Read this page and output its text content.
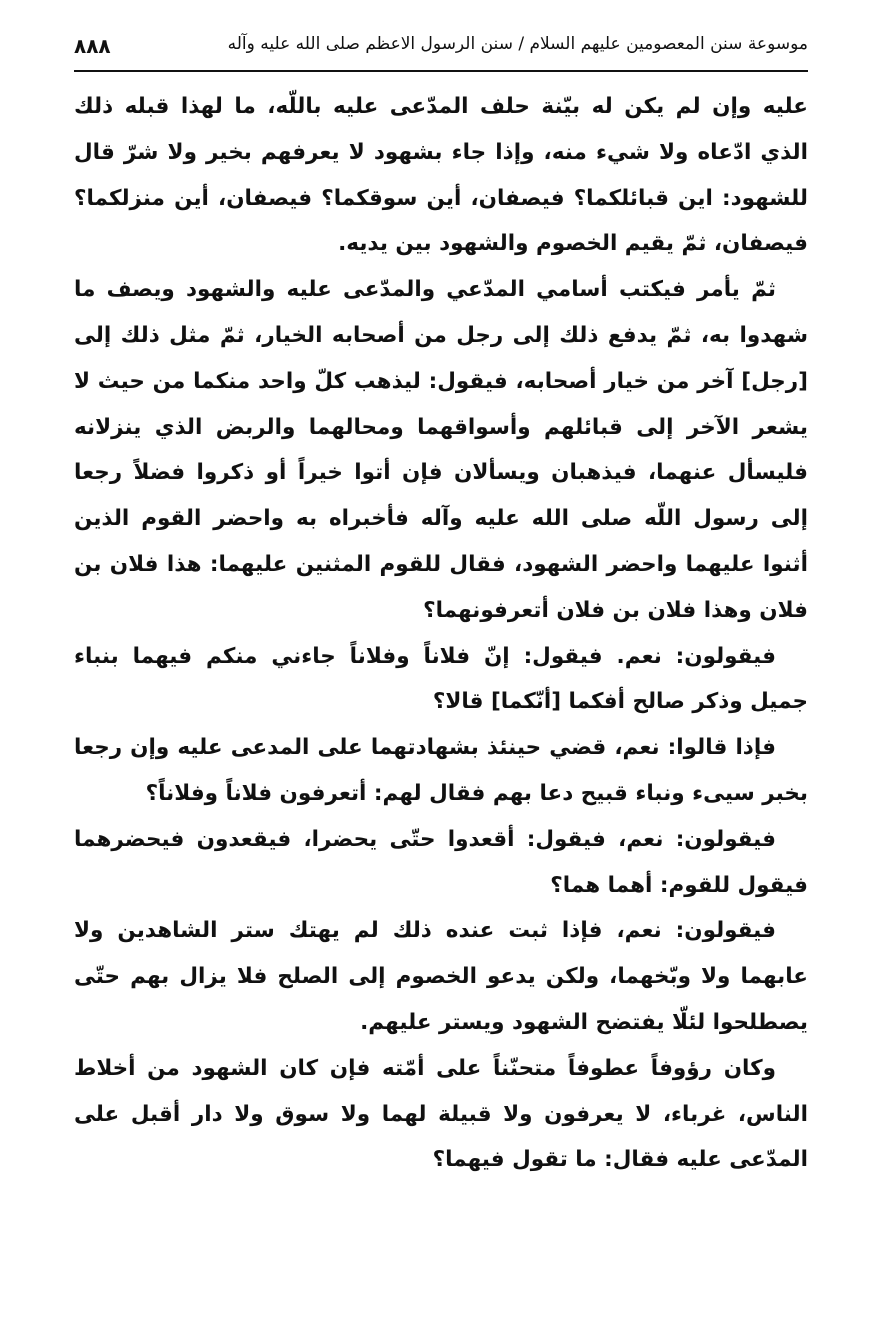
موسوعة سنن المعصومين عليهم السلام / سنن الرسول الاعظم صلى الله عليه وآله
٨٨٨

عليه وإن لم يكن له بيّنة حلف المدّعى عليه باللّه، ما لهذا قبله ذلك الذي ادّعاه ولا شيء منه، وإذا جاء بشهود لا يعرفهم بخير ولا شرّ قال للشهود: اين قبائلكما؟ فيصفان، أين سوقكما؟ فيصفان، أين منزلكما؟ فيصفان، ثمّ يقيم الخصوم والشهود بين يديه.

ثمّ يأمر فيكتب أسامي المدّعي والمدّعى عليه والشهود ويصف ما شهدوا به، ثمّ يدفع ذلك إلى رجل من أصحابه الخيار، ثمّ مثل ذلك إلى [رجل] آخر من خيار أصحابه، فيقول: ليذهب كلّ واحد منكما من حيث لا يشعر الآخر إلى قبائلهم وأسواقهما ومحالهما والربض الذي ينزلانه فليسأل عنهما، فيذهبان ويسألان فإن أتوا خيراً أو ذكروا فضلاً رجعا إلى رسول اللّه صلى الله عليه وآله فأخبراه به واحضر القوم الذين أثنوا عليهما واحضر الشهود، فقال للقوم المثنين عليهما: هذا فلان بن فلان وهذا فلان بن فلان أتعرفونهما؟

فيقولون: نعم. فيقول: إنّ فلاناً وفلاناً جاءني منكم فيهما بنباء جميل وذكر صالح أفكما [أنّكما] قالا؟

فإذا قالوا: نعم، قضي حينئذ بشهادتهما على المدعى عليه وإن رجعا بخبر سيىء ونباء قبيح دعا بهم فقال لهم: أتعرفون فلاناً وفلاناً؟

فيقولون: نعم، فيقول: أقعدوا حتّى يحضرا، فيقعدون فيحضرهما فيقول للقوم: أهما هما؟

فيقولون: نعم، فإذا ثبت عنده ذلك لم يهتك ستر الشاهدين ولا عابهما ولا وبّخهما، ولكن يدعو الخصوم إلى الصلح فلا يزال بهم حتّى يصطلحوا لئلّا يفتضح الشهود ويستر عليهم.

وكان رؤوفاً عطوفاً متحنّناً على أمّته فإن كان الشهود من أخلاط الناس، غرباء، لا يعرفون ولا قبيلة لهما ولا سوق ولا دار أقبل على المدّعى عليه فقال: ما تقول فيهما؟
